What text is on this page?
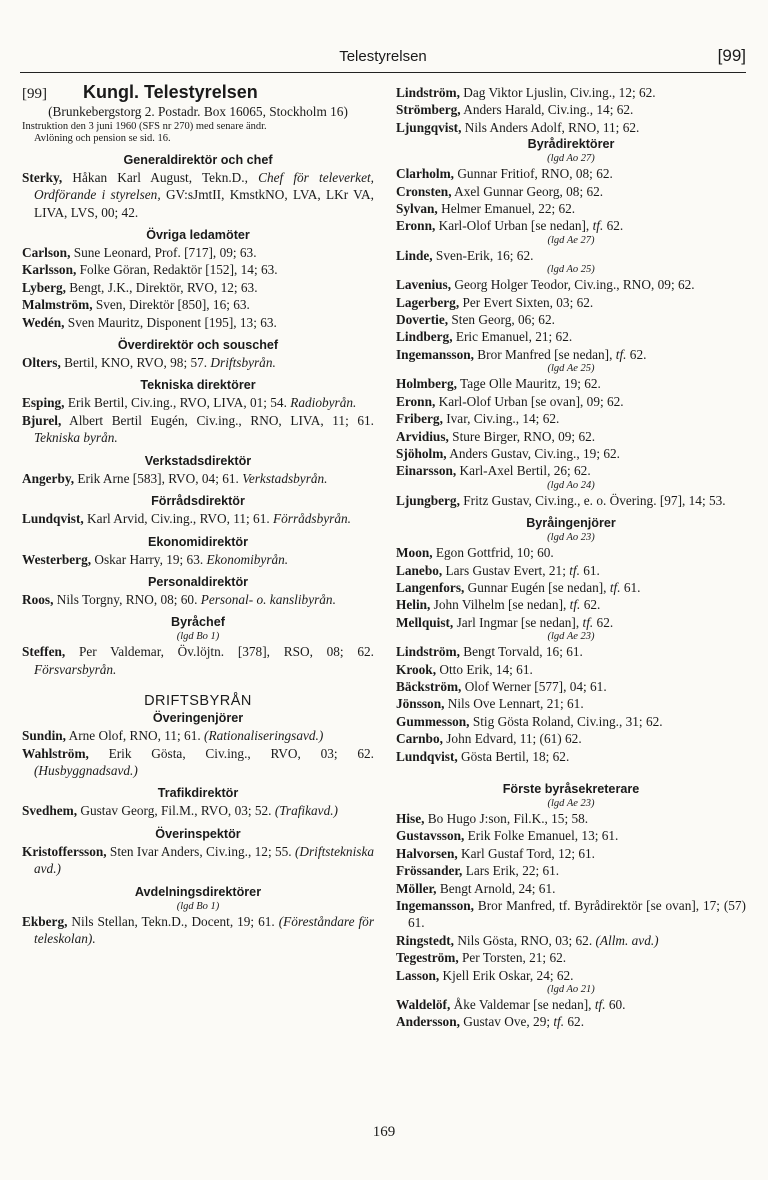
Telestyrelsen	[99]
[99] Kungl. Telestyrelsen
(Brunkebergstorg 2. Postadr. Box 16065, Stockholm 16)
Instruktion den 3 juni 1960 (SFS nr 270) med senare ändr.
Avlöning och pension se sid. 16.
Generaldirektör och chef
Sterky, Håkan Karl August, Tekn.D., Chef för televerket, Ordförande i styrelsen, GV:sJmtII, KmstkNO, LVA, LKr VA, LIVA, LVS, 00; 42.
Övriga ledamöter
Carlson, Sune Leonard, Prof. [717], 09; 63.
Karlsson, Folke Göran, Redaktör [152], 14; 63.
Lyberg, Bengt, J.K., Direktör, RVO, 12; 63.
Malmström, Sven, Direktör [850], 16; 63.
Wedén, Sven Mauritz, Disponent [195], 13; 63.
Överdirektör och souschef
Olters, Bertil, KNO, RVO, 98; 57. Driftsbyrån.
Tekniska direktörer
Esping, Erik Bertil, Civ.ing., RVO, LIVA, 01; 54. Radiobyrån.
Bjurel, Albert Bertil Eugén, Civ.ing., RNO, LIVA, 11; 61. Tekniska byrån.
Verkstadsdirektör
Angerby, Erik Arne [583], RVO, 04; 61. Verkstadsbyrån.
Förrådsdirektör
Lundqvist, Karl Arvid, Civ.ing., RVO, 11; 61. Förrådsbyrån.
Ekonomidirektör
Westerberg, Oskar Harry, 19; 63. Ekonomibyrån.
Personaldirektör
Roos, Nils Torgny, RNO, 08; 60. Personal- o. kanslibyrån.
Byråchef
(lgd Bo 1)
Steffen, Per Valdemar, Öv.löjtn. [378], RSO, 08; 62. Försvarsbyrån.
DRIFTSBYRÅN
Överingenjörer
Sundin, Arne Olof, RNO, 11; 61. (Rationaliseringsavd.)
Wahlström, Erik Gösta, Civ.ing., RVO, 03; 62. (Husbyggnadsavd.)
Trafikdirektör
Svedhem, Gustav Georg, Fil.M., RVO, 03; 52. (Trafikavd.)
Överinspektör
Kristoffersson, Sten Ivar Anders, Civ.ing., 12; 55. (Driftstekniska avd.)
Avdelningsdirektörer
(lgd Bo 1)
Ekberg, Nils Stellan, Tekn.D., Docent, 19; 61. (Föreståndare för teleskolan).
Lindström, Dag Viktor Ljuslin, Civ.ing., 12; 62.
Strömberg, Anders Harald, Civ.ing., 14; 62.
Ljungqvist, Nils Anders Adolf, RNO, 11; 62.
Byrådirektörer
(lgd Ao 27)
Clarholm, Gunnar Fritiof, RNO, 08; 62.
Cronsten, Axel Gunnar Georg, 08; 62.
Sylvan, Helmer Emanuel, 22; 62.
Eronn, Karl-Olof Urban [se nedan], tf. 62.
(lgd Ae 27)
Linde, Sven-Erik, 16; 62.
(lgd Ao 25)
Lavenius, Georg Holger Teodor, Civ.ing., RNO, 09; 62.
Lagerberg, Per Evert Sixten, 03; 62.
Dovertie, Sten Georg, 06; 62.
Lindberg, Eric Emanuel, 21; 62.
Ingemansson, Bror Manfred [se nedan], tf. 62.
(lgd Ae 25)
Holmberg, Tage Olle Mauritz, 19; 62.
Eronn, Karl-Olof Urban [se ovan], 09; 62.
Friberg, Ivar, Civ.ing., 14; 62.
Arvidius, Sture Birger, RNO, 09; 62.
Sjöholm, Anders Gustav, Civ.ing., 19; 62.
Einarsson, Karl-Axel Bertil, 26; 62.
(lgd Ao 24)
Ljungberg, Fritz Gustav, Civ.ing., e. o. Övering. [97], 14; 53.
Byråingenjörer
(lgd Ao 23)
Moon, Egon Gottfrid, 10; 60.
Lanebo, Lars Gustav Evert, 21; tf. 61.
Langenfors, Gunnar Eugén [se nedan], tf. 61.
Helin, John Vilhelm [se nedan], tf. 62.
Mellquist, Jarl Ingmar [se nedan], tf. 62.
(lgd Ae 23)
Lindström, Bengt Torvald, 16; 61.
Krook, Otto Erik, 14; 61.
Bäckström, Olof Werner [577], 04; 61.
Jönsson, Nils Ove Lennart, 21; 61.
Gummesson, Stig Gösta Roland, Civ.ing., 31; 62.
Carnbo, John Edvard, 11; (61) 62.
Lundqvist, Gösta Bertil, 18; 62.
Förste byråsekreterare
(lgd Ae 23)
Hise, Bo Hugo J:son, Fil.K., 15; 58.
Gustavsson, Erik Folke Emanuel, 13; 61.
Halvorsen, Karl Gustaf Tord, 12; 61.
Frössander, Lars Erik, 22; 61.
Möller, Bengt Arnold, 24; 61.
Ingemansson, Bror Manfred, tf. Byrådirektör [se ovan], 17; (57) 61.
Ringstedt, Nils Gösta, RNO, 03; 62. (Allm. avd.)
Tegeström, Per Torsten, 21; 62.
Lasson, Kjell Erik Oskar, 24; 62.
(lgd Ao 21)
Waldelöf, Åke Valdemar [se nedan], tf. 60.
Andersson, Gustav Ove, 29; tf. 62.
169
